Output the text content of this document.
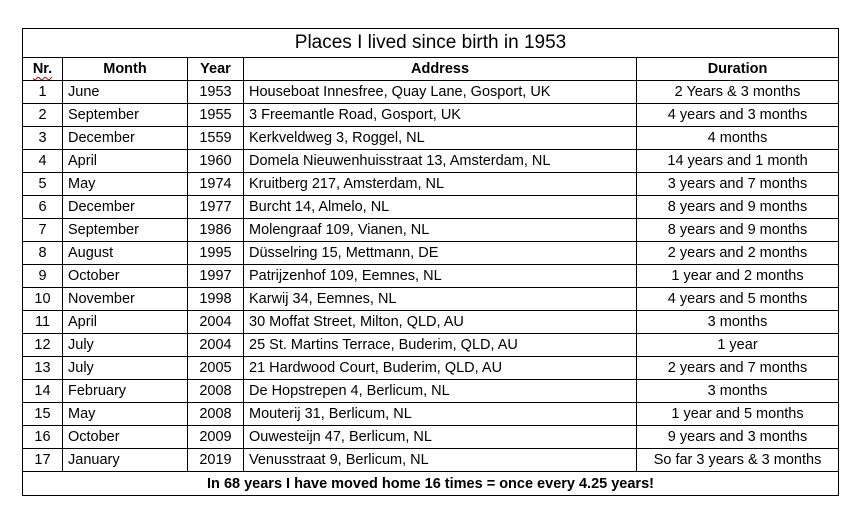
Places I lived since birth in 1953				
Nr.	Month	Year	Address	Duration
1	June	1953	Houseboat Innesfree, Quay Lane, Gosport, UK	2 Years & 3 months
2	September	1955	3 Freemantle Road, Gosport, UK	4 years and 3 months
3	December	1559	Kerkveldweg 3, Roggel, NL	4 months
4	April	1960	Domela Nieuwenhuisstraat 13, Amsterdam, NL	14 years and 1 month
5	May	1974	Kruitberg 217, Amsterdam, NL	3 years and 7 months
6	December	1977	Burcht 14, Almelo, NL	8 years and 9 months
7	September	1986	Molengraaf 109, Vianen, NL	8 years and 9 months
8	August	1995	Düsselring 15, Mettmann, DE	2 years and 2 months
9	October	1997	Patrijzenhof 109, Eemnes, NL	1 year and 2 months
10	November	1998	Karwij 34, Eemnes, NL	4 years and 5 months
11	April	2004	30 Moffat Street, Milton, QLD, AU	3 months
12	July	2004	25 St. Martins Terrace, Buderim, QLD, AU	1 year
13	July	2005	21 Hardwood Court, Buderim, QLD, AU	2 years and 7 months
14	February	2008	De Hopstrepen 4, Berlicum, NL	3 months
15	May	2008	Mouterij 31, Berlicum, NL	1 year and 5 months
16	October	2009	Ouwesteijn 47, Berlicum, NL	9 years and 3 months
17	January	2019	Venusstraat 9, Berlicum, NL	So far 3 years & 3 months
In 68 years I have moved home 16 times = once every 4.25 years!				
